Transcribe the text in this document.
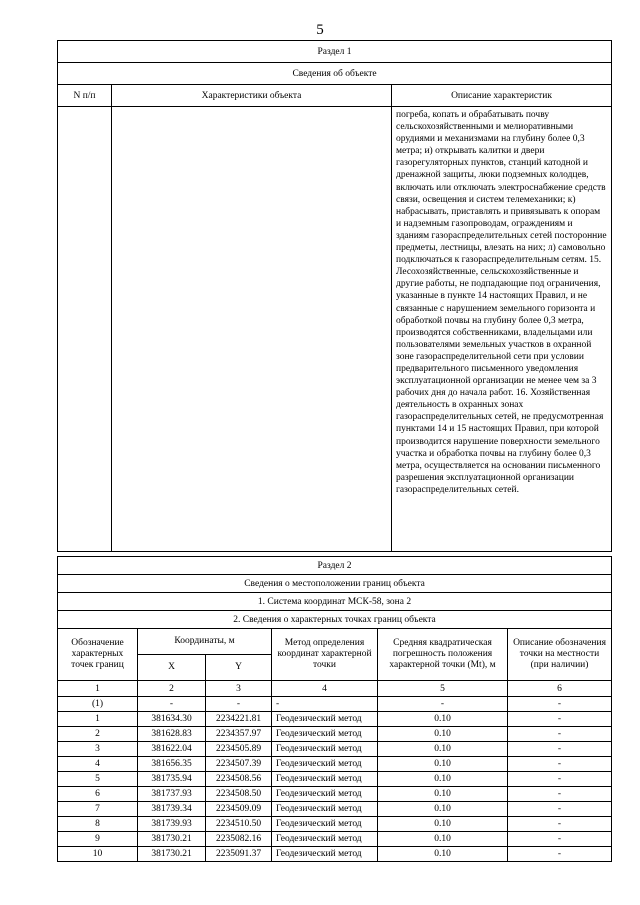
5
Раздел 1		
Сведения об объекте		
N п/п	Характеристики объекта	Описание характеристик
		погреба, копать и обрабатывать почву сельскохозяйственными и мелиоративными орудиями и механизмами на глубину более 0,3 метра; и) открывать калитки и двери газорегуляторных пунктов, станций катодной и дренажной защиты, люки подземных колодцев, включать или отключать электроснабжение средств связи, освещения и систем телемеханики; к) набрасывать, приставлять и привязывать к опорам и надземным газопроводам, ограждениям и зданиям газораспределительных сетей посторонние предметы, лестницы, влезать на них; л) самовольно подключаться к газораспределительным сетям. 15. Лесохозяйственные, сельскохозяйственные и другие работы, не подпадающие под ограничения, указанные в пункте 14 настоящих Правил, и не связанные с нарушением земельного горизонта и обработкой почвы на глубину более 0,3 метра, производятся собственниками, владельцами или пользователями земельных участков в охранной зоне газораспределительной сети при условии предварительного письменного уведомления эксплуатационной организации не менее чем за 3 рабочих дня до начала работ. 16. Хозяйственная деятельность в охранных зонах газораспределительных сетей, не предусмотренная пунктами 14 и 15 настоящих Правил, при которой производится нарушение поверхности земельного участка и обработка почвы на глубину более 0,3 метра, осуществляется на основании письменного разрешения эксплуатационной организации газораспределительных сетей.
Раздел 2					
Сведения о местоположении границ объекта					
1. Система координат МСК-58, зона 2					
2. Сведения о характерных точках границ объекта					
Обозначение характерных точек границ	Координаты, м		Метод определения координат характерной точки	Средняя квадратическая погрешность положения характерной точки (Mt), м	Описание обозначения точки на местности (при наличии)
	X	Y			
1	2	3	4	5	6
(1)	-	-	-	-	-
1	381634.30	2234221.81	Геодезический метод	0.10	-
2	381628.83	2234357.97	Геодезический метод	0.10	-
3	381622.04	2234505.89	Геодезический метод	0.10	-
4	381656.35	2234507.39	Геодезический метод	0.10	-
5	381735.94	2234508.56	Геодезический метод	0.10	-
6	381737.93	2234508.50	Геодезический метод	0.10	-
7	381739.34	2234509.09	Геодезический метод	0.10	-
8	381739.93	2234510.50	Геодезический метод	0.10	-
9	381730.21	2235082.16	Геодезический метод	0.10	-
10	381730.21	2235091.37	Геодезический метод	0.10	-
